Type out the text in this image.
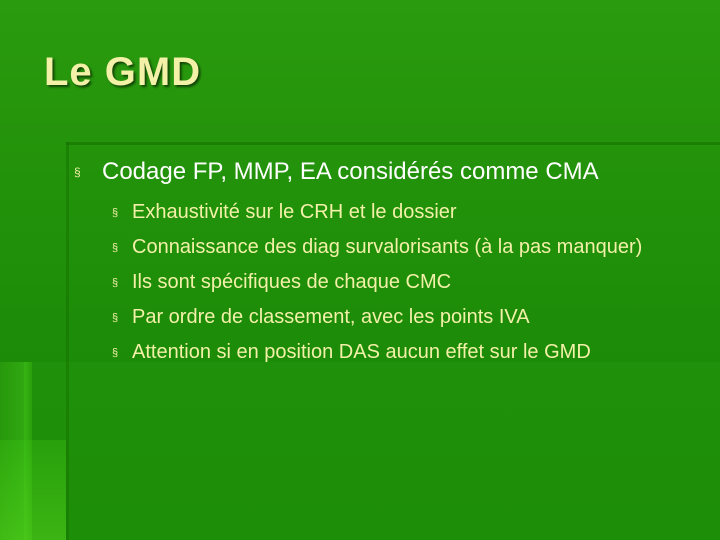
Le GMD
§ Codage FP, MMP, EA considérés comme CMA
§ Exhaustivité sur le CRH et le dossier
§ Connaissance des diag survalorisants (à la pas manquer)
§ Ils sont spécifiques de chaque CMC
§ Par ordre de classement, avec les points IVA
§ Attention si en position DAS aucun effet sur le GMD
